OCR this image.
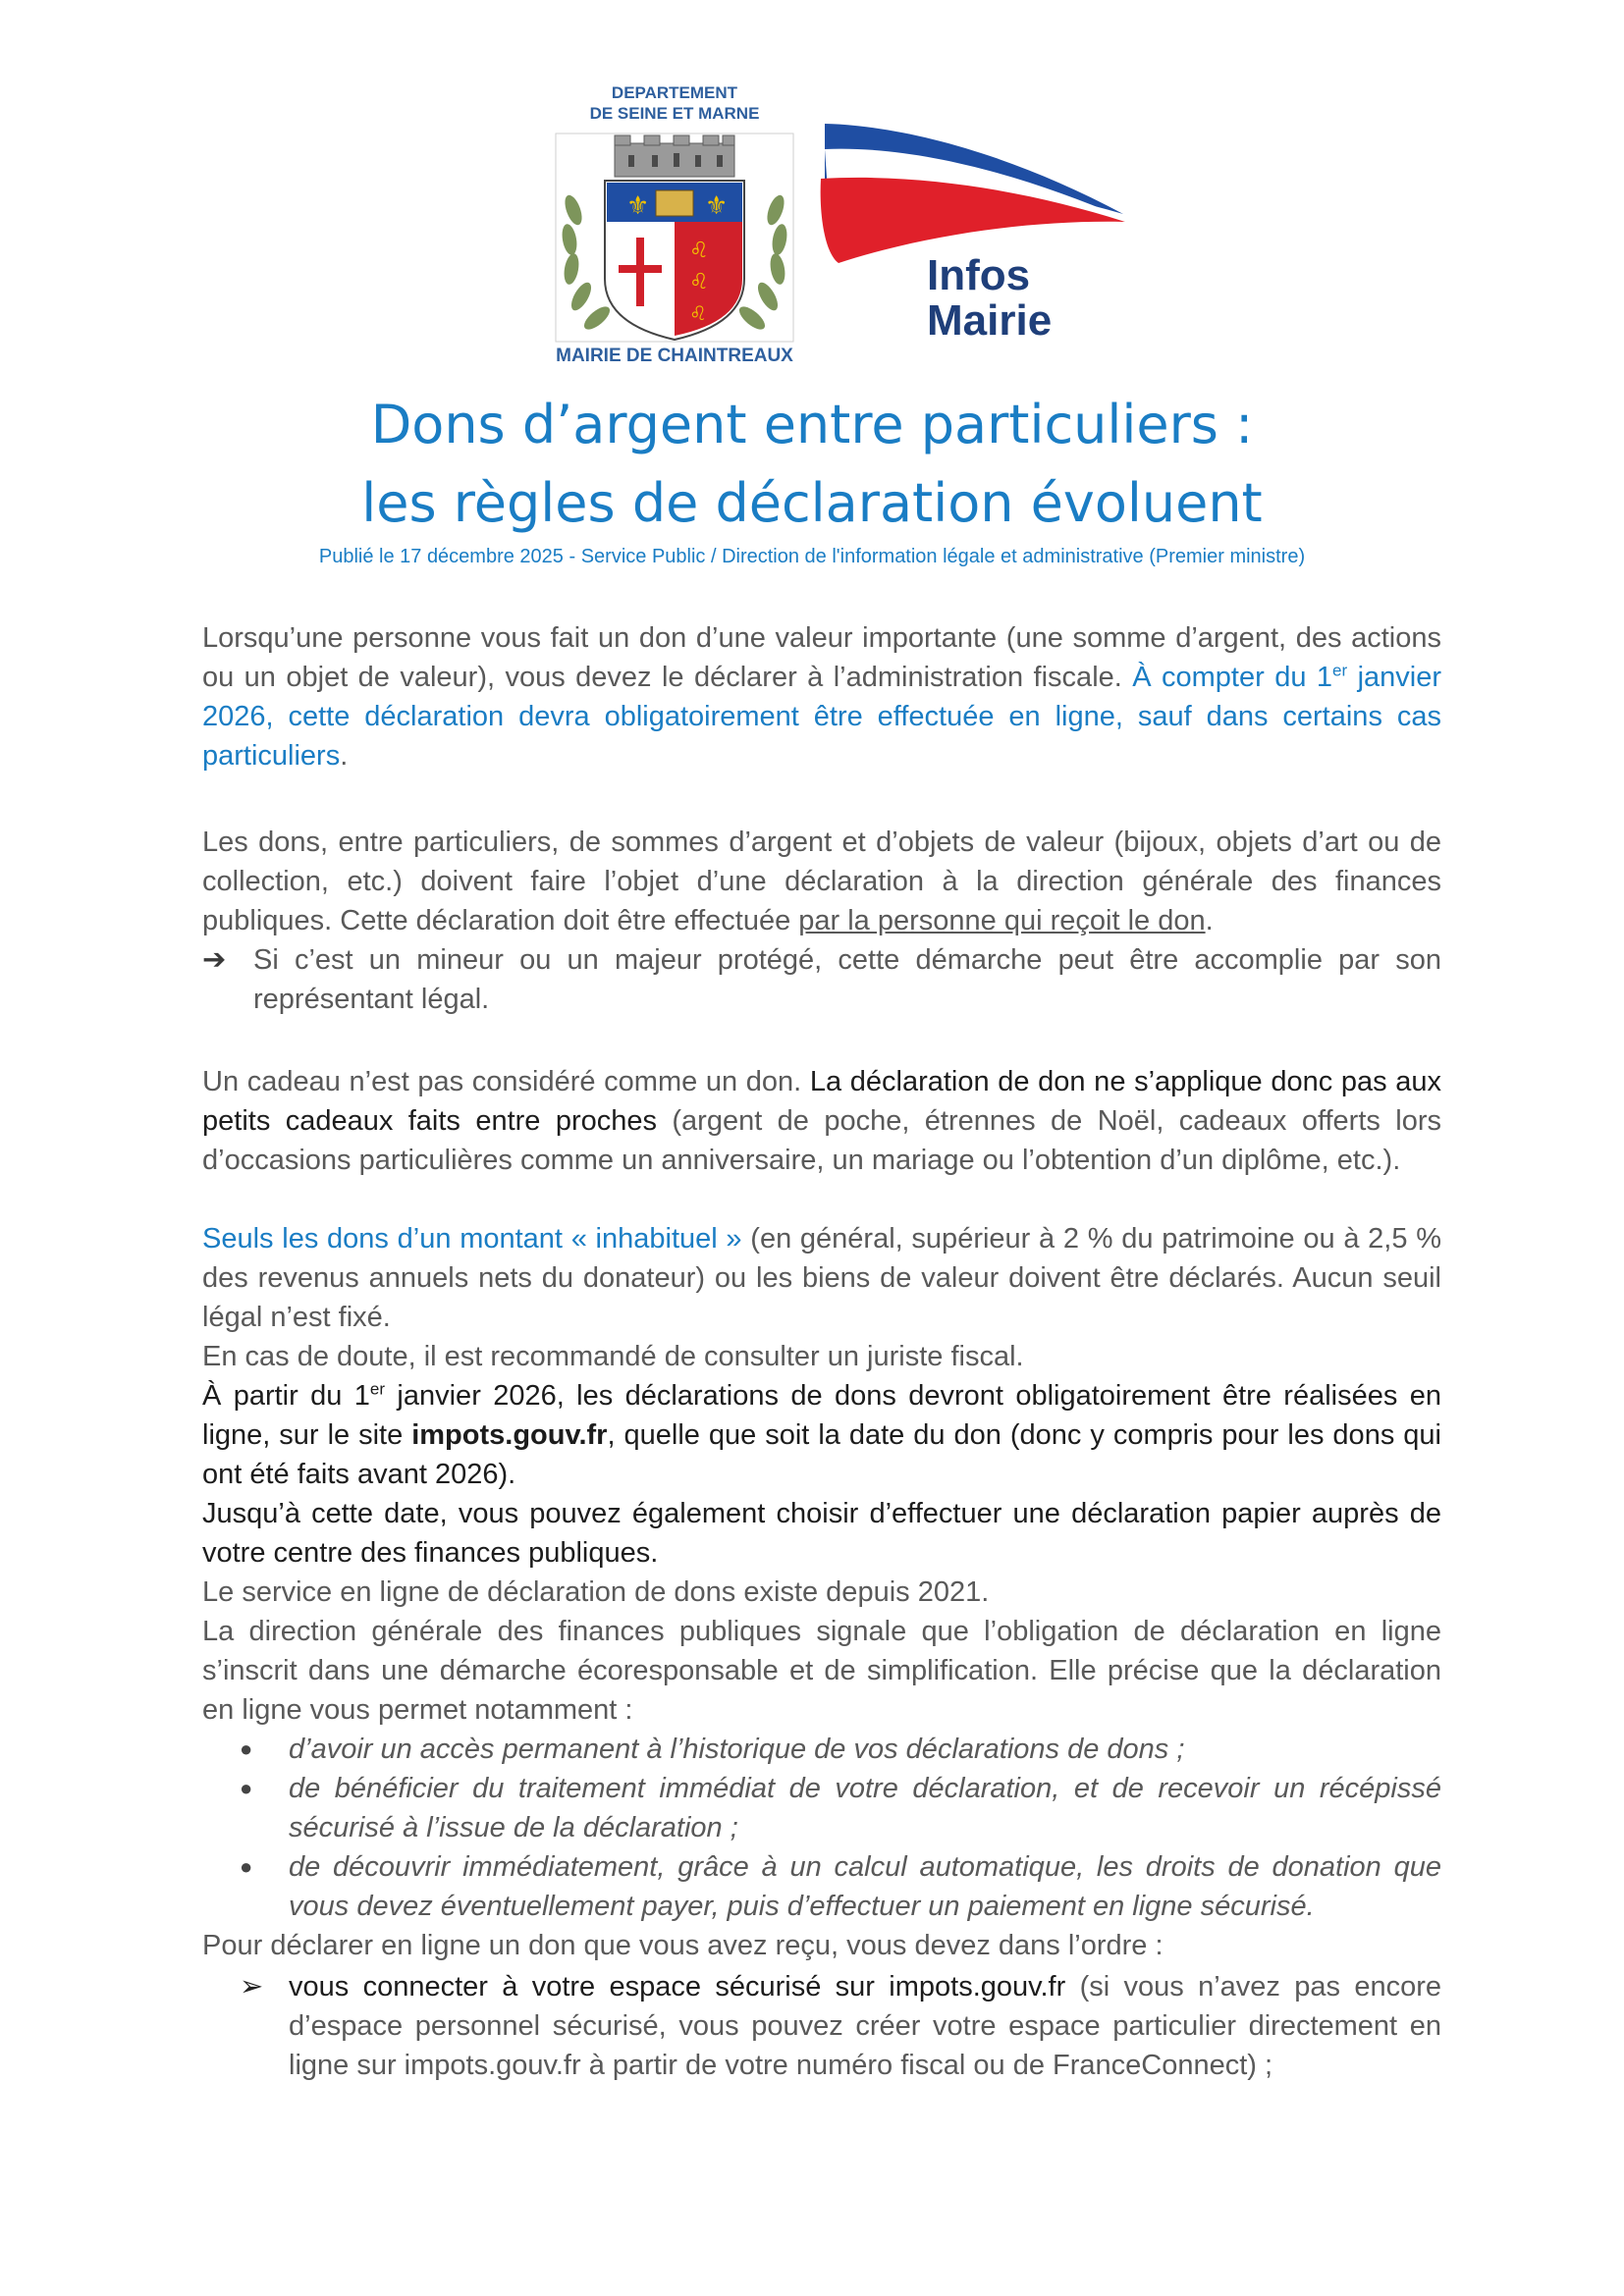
DEPARTEMENT
DE SEINE ET MARNE
⚜ ⚜
♌
♌
♌
MAIRIE DE CHAINTREAUX
Infos
Mairie
Dons d’argent entre particuliers :
les règles de déclaration évoluent
Publié le 17 décembre 2025 - Service Public / Direction de l'information légale et administrative (Premier ministre)

Lorsqu’une personne vous fait un don d’une valeur importante (une somme d’argent, des actions ou un objet de valeur), vous devez le déclarer à l’administration fiscale. À compter du 1er janvier 2026, cette déclaration devra obligatoirement être effectuée en ligne, sauf dans certains cas particuliers.

Les dons, entre particuliers, de sommes d’argent et d’objets de valeur (bijoux, objets d’art ou de collection, etc.) doivent faire l’objet d’une déclaration à la direction générale des finances publiques. Cette déclaration doit être effectuée par la personne qui reçoit le don.

➔ Si c’est un mineur ou un majeur protégé, cette démarche peut être accomplie par son représentant légal.

Un cadeau n’est pas considéré comme un don. La déclaration de don ne s’applique donc pas aux petits cadeaux faits entre proches (argent de poche, étrennes de Noël, cadeaux offerts lors d’occasions particulières comme un anniversaire, un mariage ou l’obtention d’un diplôme, etc.).

Seuls les dons d’un montant « inhabituel » (en général, supérieur à 2 % du patrimoine ou à 2,5 % des revenus annuels nets du donateur) ou les biens de valeur doivent être déclarés. Aucun seuil légal n’est fixé.

En cas de doute, il est recommandé de consulter un juriste fiscal.

À partir du 1er janvier 2026, les déclarations de dons devront obligatoirement être réalisées en ligne, sur le site impots.gouv.fr, quelle que soit la date du don (donc y compris pour les dons qui ont été faits avant 2026).

Jusqu’à cette date, vous pouvez également choisir d’effectuer une déclaration papier auprès de votre centre des finances publiques.

Le service en ligne de déclaration de dons existe depuis 2021.

La direction générale des finances publiques signale que l’obligation de déclaration en ligne s’inscrit dans une démarche écoresponsable et de simplification. Elle précise que la déclaration en ligne vous permet notamment :

● d’avoir un accès permanent à l’historique de vos déclarations de dons ;
● de bénéficier du traitement immédiat de votre déclaration, et de recevoir un récépissé sécurisé à l’issue de la déclaration ;
● de découvrir immédiatement, grâce à un calcul automatique, les droits de donation que vous devez éventuellement payer, puis d’effectuer un paiement en ligne sécurisé.

Pour déclarer en ligne un don que vous avez reçu, vous devez dans l’ordre :

➢ vous connecter à votre espace sécurisé sur impots.gouv.fr (si vous n’avez pas encore d’espace personnel sécurisé, vous pouvez créer votre espace particulier directement en ligne sur impots.gouv.fr à partir de votre numéro fiscal ou de FranceConnect) ;
